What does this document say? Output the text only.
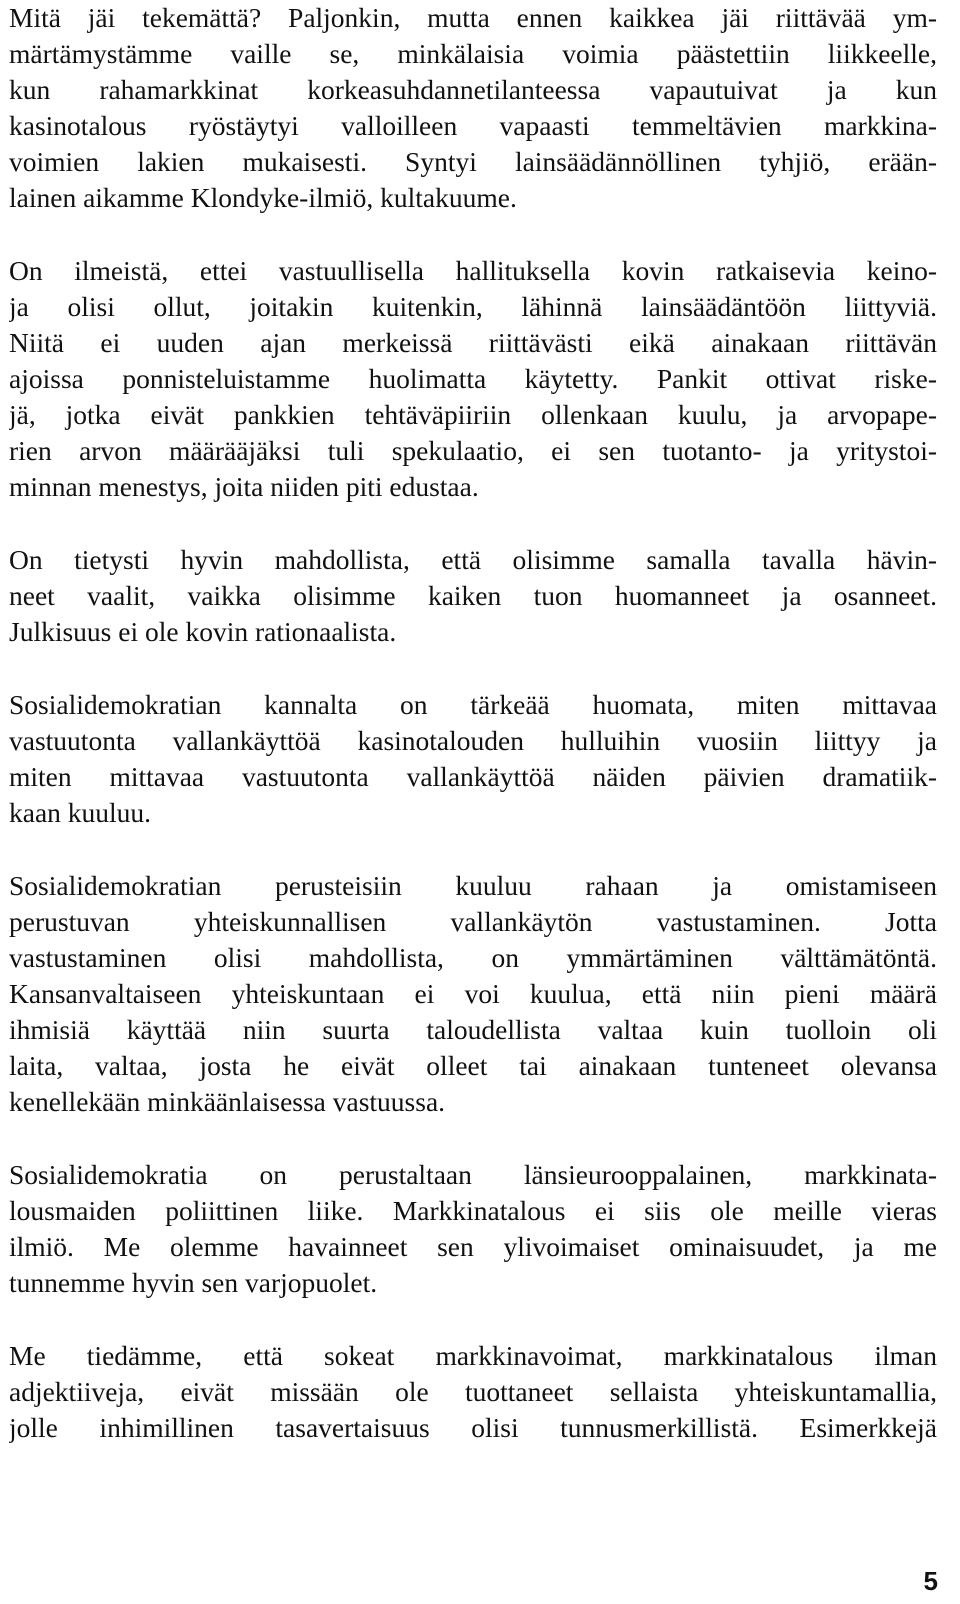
Mitä jäi tekemättä? Paljonkin, mutta ennen kaikkea jäi riittävää ym-
märtämystämme vaille se, minkälaisia voimia päästettiin liikkeelle,
kun rahamarkkinat korkeasuhdannetilanteessa vapautuivat ja kun
kasinotalous ryöstäytyi valloilleen vapaasti temmeltävien markkina-
voimien lakien mukaisesti. Syntyi lainsäädännöllinen tyhjiö, erään-
lainen aikamme Klondyke-ilmiö, kultakuume.
On ilmeistä, ettei vastuullisella hallituksella kovin ratkaisevia keino-
ja olisi ollut, joitakin kuitenkin, lähinnä lainsäädäntöön liittyviä.
Niitä ei uuden ajan merkeissä riittävästi eikä ainakaan riittävän
ajoissa ponnisteluistamme huolimatta käytetty. Pankit ottivat riske-
jä, jotka eivät pankkien tehtäväpiiriin ollenkaan kuulu, ja arvopape-
rien arvon määrääjäksi tuli spekulaatio, ei sen tuotanto- ja yritystoi-
minnan menestys, joita niiden piti edustaa.
On tietysti hyvin mahdollista, että olisimme samalla tavalla hävin-
neet vaalit, vaikka olisimme kaiken tuon huomanneet ja osanneet.
Julkisuus ei ole kovin rationaalista.
Sosialidemokratian kannalta on tärkeää huomata, miten mittavaa
vastuutonta vallankäyttöä kasinotalouden hulluihin vuosiin liittyy ja
miten mittavaa vastuutonta vallankäyttöä näiden päivien dramatiik-
kaan kuuluu.
Sosialidemokratian perusteisiin kuuluu rahaan ja omistamiseen
perustuvan yhteiskunnallisen vallankäytön vastustaminen. Jotta
vastustaminen olisi mahdollista, on ymmärtäminen välttämätöntä.
Kansanvaltaiseen yhteiskuntaan ei voi kuulua, että niin pieni määrä
ihmisiä käyttää niin suurta taloudellista valtaa kuin tuolloin oli
laita, valtaa, josta he eivät olleet tai ainakaan tunteneet olevansa
kenellekään minkäänlaisessa vastuussa.
Sosialidemokratia on perustaltaan länsieurooppalainen, markkinata-
lousmaiden poliittinen liike. Markkinatalous ei siis ole meille vieras
ilmiö. Me olemme havainneet sen ylivoimaiset ominaisuudet, ja me
tunnemme hyvin sen varjopuolet.
Me tiedämme, että sokeat markkinavoimat, markkinatalous ilman
adjektiiveja, eivät missään ole tuottaneet sellaista yhteiskuntamallia,
jolle inhimillinen tasavertaisuus olisi tunnusmerkillistä. Esimerkkejä
5
